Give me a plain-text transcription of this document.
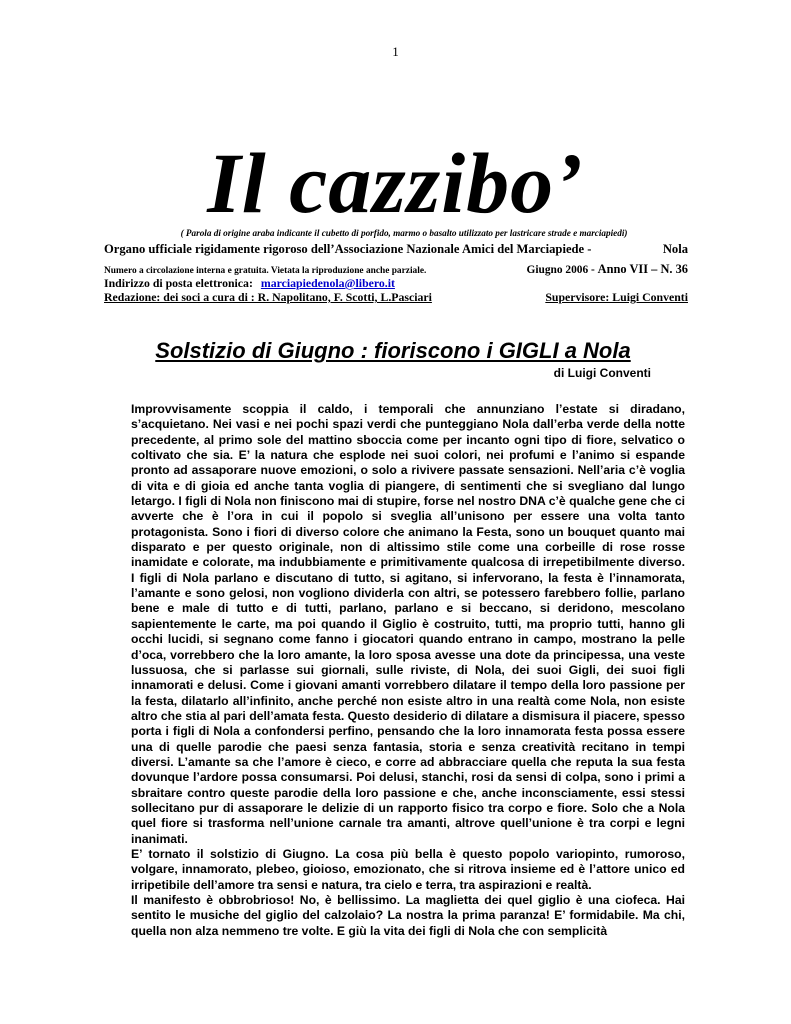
1
Il cazzibo’
( Parola di origine araba indicante il cubetto di porfido, marmo o basalto utilizzato per lastricare strade e marciapiedi)
Organo ufficiale rigidamente rigoroso dell’Associazione Nazionale Amici del Marciapiede -	Nola
Numero a circolazione interna e gratuita. Vietata la riproduzione anche parziale.	Giugno 2006 - Anno VII – N. 36
Indirizzo di posta elettronica: marciapiedenola@libero.it
Redazione: dei soci a cura di : R. Napolitano, F. Scotti, L.Pasciari	Supervisore: Luigi Conventi
Solstizio di Giugno : fioriscono i GIGLI a Nola
di Luigi Conventi

Improvvisamente scoppia il caldo, i temporali che annunziano l’estate si diradano, s’acquietano. Nei vasi e nei pochi spazi verdi che punteggiano Nola dall’erba verde della notte precedente, al primo sole del mattino sboccia come per incanto ogni tipo di fiore, selvatico o coltivato che sia. E’ la natura che esplode nei suoi colori, nei profumi e l’animo si espande pronto ad assaporare nuove emozioni, o solo a rivivere passate sensazioni. Nell’aria c’è voglia di vita e di gioia ed anche tanta voglia di piangere, di sentimenti che si svegliano dal lungo letargo. I figli di Nola non finiscono mai di stupire, forse nel nostro DNA c’è qualche gene che ci avverte che è l’ora in cui il popolo si sveglia all’unisono per essere una volta tanto protagonista. Sono i fiori di diverso colore che animano la Festa, sono un bouquet quanto mai disparato e per questo originale, non di altissimo stile come una corbeille di rose rosse inamidate e colorate, ma indubbiamente e primitivamente qualcosa di irrepetibilmente diverso. I figli di Nola parlano e discutano di tutto, si agitano, si infervorano, la festa è l’innamorata, l’amante e sono gelosi, non vogliono dividerla con altri, se potessero farebbero follie, parlano bene e male di tutto e di tutti, parlano, parlano e si beccano, si deridono, mescolano sapientemente le carte, ma poi quando il Giglio è costruito, tutti, ma proprio tutti, hanno gli occhi lucidi, si segnano come fanno i giocatori quando entrano in campo, mostrano la pelle d’oca, vorrebbero che la loro amante, la loro sposa avesse una dote da principessa, una veste lussuosa, che si parlasse sui giornali, sulle riviste, di Nola, dei suoi Gigli, dei suoi figli innamorati e delusi. Come i giovani amanti vorrebbero dilatare il tempo della loro passione per la festa, dilatarlo all’infinito, anche perché non esiste altro in una realtà come Nola, non esiste altro che stia al pari dell’amata festa. Questo desiderio di dilatare a dismisura il piacere, spesso porta i figli di Nola a confondersi perfino, pensando che la loro innamorata festa possa essere una di quelle parodie che paesi senza fantasia, storia e senza creatività recitano in tempi diversi. L’amante sa che l’amore è cieco, e corre ad abbracciare quella che reputa la sua festa dovunque l’ardore possa consumarsi. Poi delusi, stanchi, rosi da sensi di colpa, sono i primi a sbraitare contro queste parodie della loro passione e che, anche inconsciamente, essi stessi sollecitano pur di assaporare le delizie di un rapporto fisico tra corpo e fiore. Solo che a Nola quel fiore si trasforma nell’unione carnale tra amanti, altrove quell’unione è tra corpi e legni inanimati.

E’ tornato il solstizio di Giugno. La cosa più bella è questo popolo variopinto, rumoroso, volgare, innamorato, plebeo, gioioso, emozionato, che si ritrova insieme ed è l’attore unico ed irripetibile dell’amore tra sensi e natura, tra cielo e terra, tra aspirazioni e realtà.

Il manifesto è obbrobrioso! No, è bellissimo. La maglietta dei quel giglio è una ciofeca. Hai sentito le musiche del giglio del calzolaio? La nostra la prima paranza! E’ formidabile. Ma chi, quella non alza nemmeno tre volte. E giù la vita dei figli di Nola che con semplicità
